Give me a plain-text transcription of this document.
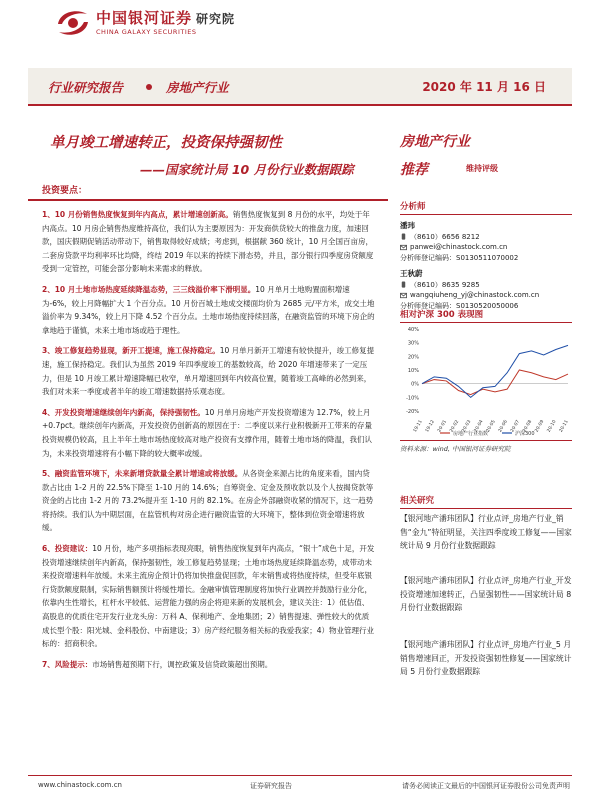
中国银河证券 研究院
CHINA GALAXY SECURITIES
行业研究报告	房地产行业	2020 年 11 月 16 日
单月竣工增速转正，投资保持强韧性
——国家统计局 10 月份行业数据跟踪
房地产行业
推荐	维持评级
投资要点：
1、10 月份销售热度恢复到年内高点，累计增速创新高。销售热度恢复到 8 月份的水平，均处于年内高点。10 月房企销售热度维持高位，我们认为主要原因为：开发商供货较大的推盘力度，加速回款，国庆假期促销活动带动下，销售取得较好成绩；考虑到，根据献 360 统计，10 月全国百亩房，二套房贷款平均利率环比均降，终结 2019 年以来的持续下滑态势，并且，部分银行四季度房贷额度受到一定管控，可能会部分影响未来需求的释放。
2、10 月土地市场热度延续降温态势，三三线溢价率下滑明显。10 月单月土地购置面积增速为-6%，较上月降幅扩大 1 个百分点。10 月份百城土地成交楼面均价为 2685 元/平方米，成交土地溢价率为 9.34%，较上月下降 4.52 个百分点。土地市场热度持续回落，在融资监管的环境下房企的拿地趋于谨慎，未来土地市场或趋于理性。
3、竣工修复趋势显现，新开工提速，施工保持稳定。10 月单月新开工增速有较快提升，竣工修复提速，施工保持稳定。我们认为虽然 2019 年四季度竣工的基数较高，给 2020 年增速带来了一定压力，但是 10 月竣工累计增速降幅已收窄，单月增速回到年内较高位置，随着竣工高峰的必然到来，我们对未来一季度或者半年的竣工增速数据持乐观态度。
4、开发投资增速继续创年内新高，保持强韧性。10 月单月房地产开发投资增速为 12.7%，较上月+0.7pct。继续创年内新高，开发投资仍创新高的原因在于：二季度以来行业积极新开工带来的存量投资规模仍较高，且上半年土地市场热度较高对地产投资有支撑作用，随着土地市场的降温，我们认为，未来投资增速将有小幅下降的较大概率或缓。
5、融资监管环境下，未来新增贷款量全累计增速或将放缓。从各资金来源占比的角度来看，国内贷款占比由 1-2 月的 22.5%下降至 1-10 月的 14.6%；自筹资金、定金及预收款以及个人按揭贷款等资金的占比由 1-2 月的 73.2%提升至 1-10 月的 82.1%。在房企外部融资收紧的情况下，这一趋势将持续。我们认为中期层面，在监管机构对房企进行融资监管的大环境下，整体到位资金增速将放缓。
6、投资建议：10 月份，地产多项指标表现亮眼，销售热度恢复到年内高点，“银十”成色十足，开发投资增速继续创年内新高，保持强韧性，竣工修复趋势显现；土地市场热度延续降温态势，成带动未来投资增速料年放缓。未来主流房企预计仍将加快推盘促回款，年末销售或将热度持续，但受年底银行贷款额度限制，实际销售额预计将缓性增长。金融审慎管理制度将加快行业调控并鼓励行业分化，依靠内生性增长，杠杆水平较低、运营能力强的房企将迎来新的发展机会，建议关注：1）低估值、高股息的优质住宅开发行业龙头房：万科 A、保利地产、金地集团；2）销售提速、弹性较大的优质成长型个股：阳光城、金科股份、中南建设；3）房产经纪服务相关标的我爱我家；4）物业管理行业标的：招商积余。
7、风险提示：市场销售超预期下行，调控政策及信贷政策超出预期。
分析师
潘玮
（8610）6656 8212
panwei@chinastock.com.cn
分析师登记编码：S0130511070002
王秋蔚
（8610）8635 9285
wangqiuheng_yj@chinastock.com.cn
分析师登记编码：S0130520050006
相对沪深 300 表现图
40%
30%
20%
10%
0%
-10%
-20%
19-11 19-12 20-01 20-02 20-03 20-04 20-05 20-06 20-07 20-08 20-09 20-10 20-11
房地产行业指数	沪深300
资料来源：wind, 中国银河证券研究院
相关研究
【银河地产潘玮团队】行业点评_房地产行业_销售“金九”特征明显，关注四季度竣工修复——国家统计局 9 月份行业数据跟踪
【银河地产潘玮团队】行业点评_房地产行业_开发投资增速加速转正，凸显强韧性——国家统计局 8 月份行业数据跟踪
【银河地产潘玮团队】行业点评_房地产行业_5 月销售增速回正，开发投资强韧性修复——国家统计局 5 月份行业数据跟踪
www.chinastock.com.cn	证券研究报告	请务必阅读正文最后的中国银河证券股份公司免责声明
